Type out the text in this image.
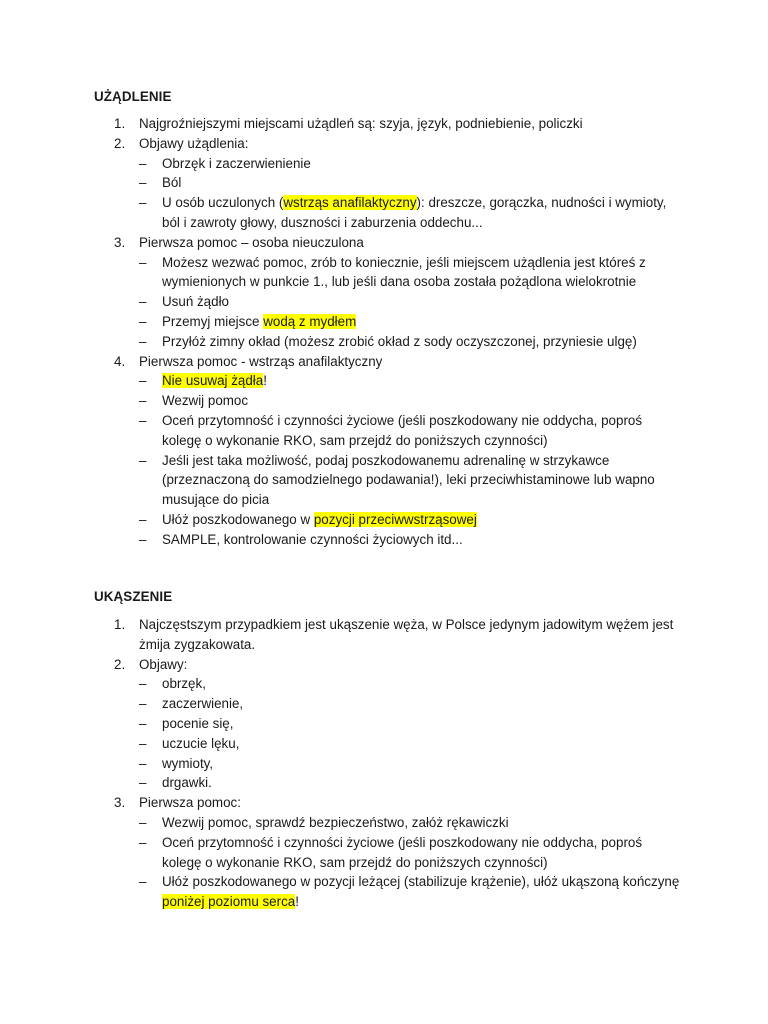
UŻĄDLENIE
1. Najgroźniejszymi miejscami użądleń są: szyja, język, podniebienie, policzki
2. Objawy użądlenia:
– Obrzęk i zaczerwienienie
– Ból
– U osób uczulonych (wstrząs anafilaktyczny): dreszcze, gorączka, nudności i wymioty, ból i zawroty głowy, duszności i zaburzenia oddechu...
3. Pierwsza pomoc – osoba nieuczulona
– Możesz wezwać pomoc, zrób to koniecznie, jeśli miejscem użądlenia jest któreś z wymienionych w punkcie 1., lub jeśli dana osoba została pożądlona wielokrotnie
– Usuń żądło
– Przemyj miejsce wodą z mydłem
– Przyłóż zimny okład (możesz zrobić okład z sody oczyszczonej, przyniesie ulgę)
4. Pierwsza pomoc - wstrząs anafilaktyczny
– Nie usuwaj żądła!
– Wezwij pomoc
– Oceń przytomność i czynności życiowe (jeśli poszkodowany nie oddycha, poproś kolegę o wykonanie RKO, sam przejdź do poniższych czynności)
– Jeśli jest taka możliwość, podaj poszkodowanemu adrenalinę w strzykawce (przeznaczoną do samodzielnego podawania!), leki przeciwhistaminowe lub wapno musujące do picia
– Ułóż poszkodowanego w pozycji przeciwwstrząsowej
– SAMPLE, kontrolowanie czynności życiowych itd...
UKĄSZENIE
1. Najczęstszym przypadkiem jest ukąszenie węża, w Polsce jedynym jadowitym wężem jest żmija zygzakowata.
2. Objawy:
– obrzęk,
– zaczerwienie,
– pocenie się,
– uczucie lęku,
– wymioty,
– drgawki.
3. Pierwsza pomoc:
– Wezwij pomoc, sprawdź bezpieczeństwo, załóż rękawiczki
– Oceń przytomność i czynności życiowe (jeśli poszkodowany nie oddycha, poproś kolegę o wykonanie RKO, sam przejdź do poniższych czynności)
– Ułóż poszkodowanego w pozycji leżącej (stabilizuje krążenie), ułóż ukąszoną kończynę poniżej poziomu serca!
